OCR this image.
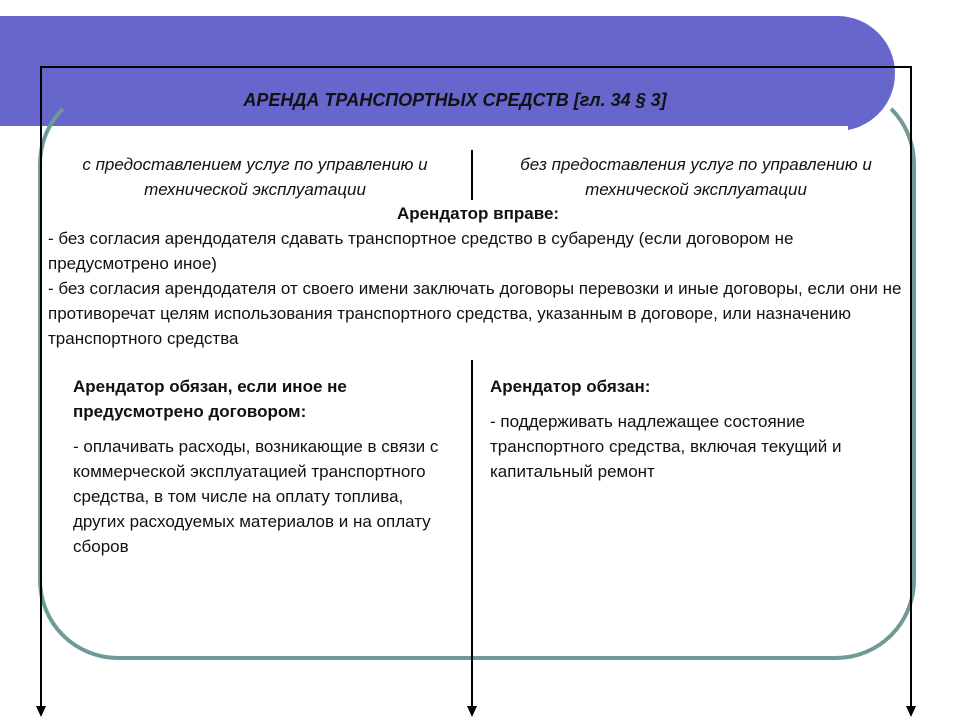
АРЕНДА ТРАНСПОРТНЫХ СРЕДСТВ [гл. 34 § 3]
с предоставлением услуг по управлению и технической эксплуатации
без предоставления услуг по управлению и технической эксплуатации
Арендатор вправе:

- без согласия арендодателя сдавать транспортное средство в субаренду (если договором не предусмотрено иное)

- без согласия арендодателя от своего имени заключать договоры перевозки и иные договоры, если они не противоречат целям использования транспортного средства, указанным в договоре, или назначению транспортного средства

Арендатор обязан, если иное не предусмотрено договором:

- оплачивать расходы, возникающие в связи с коммерческой эксплуатацией транспортного средства, в том числе на оплату топлива, других расходуемых материалов и на оплату сборов

Арендатор обязан:

- поддерживать надлежащее состояние транспортного средства, включая текущий и капитальный ремонт
